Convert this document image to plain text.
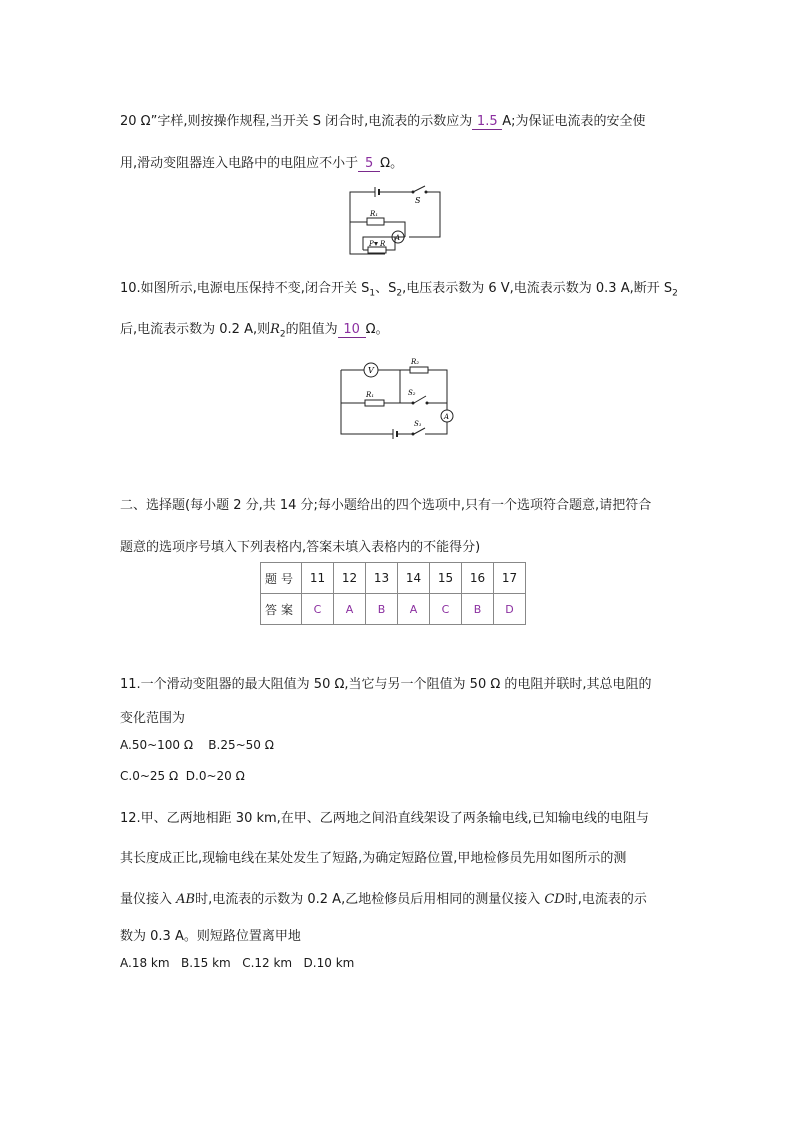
20 Ω”字样,则按操作规程,当开关 S 闭合时,电流表的示数应为 1.5 A;为保证电流表的安全使
用,滑动变阻器连入电路中的电阻应不小于 5 Ω。
S
R₁
P R
A
10.如图所示,电源电压保持不变,闭合开关 $S_1$、$S_2$,电压表示数为 6 V,电流表示数为 0.3 A,断开 $S_2$
后,电流表示数为 0.2 A,则$R_2$的阻值为 10 Ω。
V
R₂
S₂
R₁
A
S₁
二、选择题(每小题 2 分,共 14 分;每小题给出的四个选项中,只有一个选项符合题意,请把符合
题意的选项序号填入下列表格内,答案未填入表格内的不能得分)
题号	11	12	13	14	15	16	17
答案	C	A	B	A	C	B	D
11.一个滑动变阻器的最大阻值为 50 Ω,当它与另一个阻值为 50 Ω 的电阻并联时,其总电阻的
变化范围为
A.50~100 Ω    B.25~50 Ω
C.0~25 Ω  D.0~20 Ω
12.甲、乙两地相距 30 km,在甲、乙两地之间沿直线架设了两条输电线,已知输电线的电阻与
其长度成正比,现输电线在某处发生了短路,为确定短路位置,甲地检修员先用如图所示的测
量仪接入 AB时,电流表的示数为 0.2 A,乙地检修员后用相同的测量仪接入 CD时,电流表的示
数为 0.3 A。则短路位置离甲地
A.18 km   B.15 km   C.12 km   D.10 km
